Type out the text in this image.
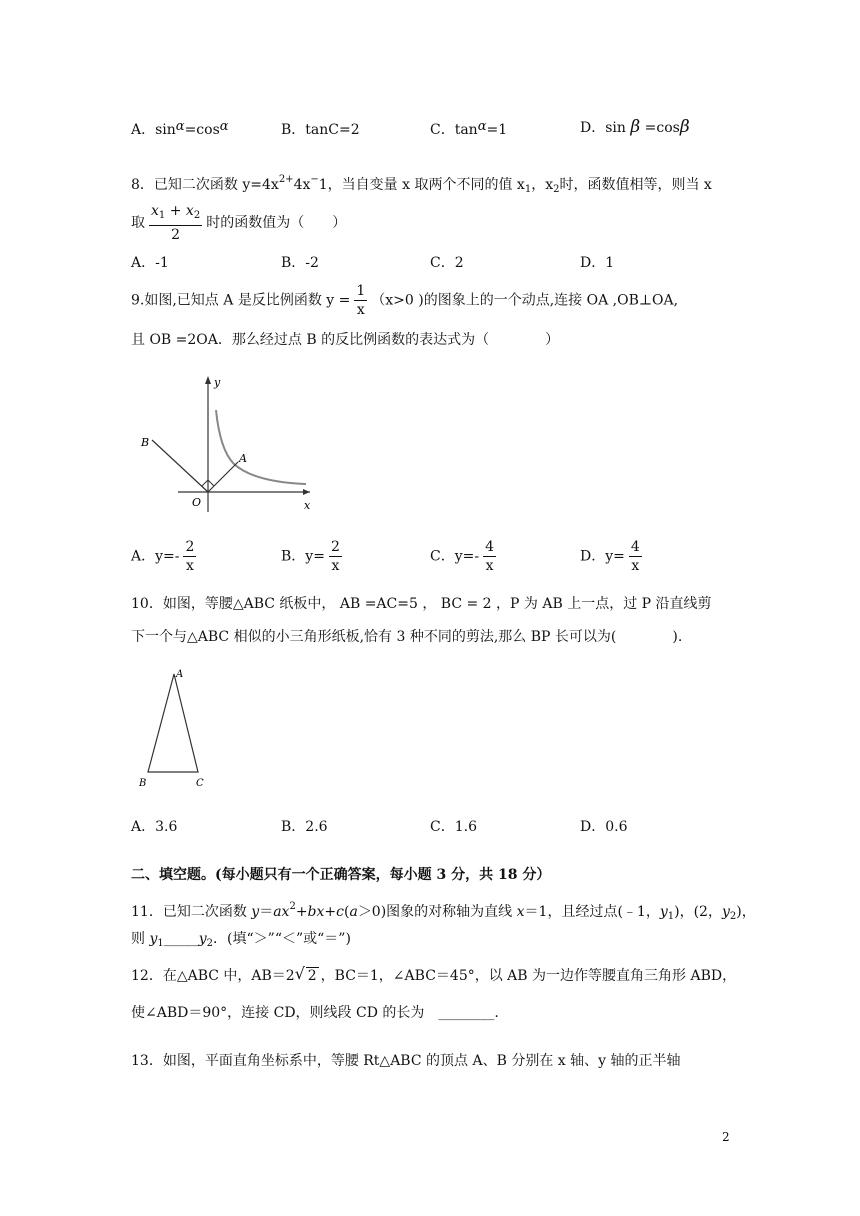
A．sinα=cosα	B．tanC=2	C．tanα=1	D．sin β =cosβ
8．已知二次函数 $y=4x^{2+}4x^-1$，当自变量 x 取两个不同的值 $x_1$，$x_2$时，函数值相等，则当 x
取 $\frac{x_1 + x_2}{2}$ 时的函数值为（　　）
A．-1	B．-2	C．2	D．1
9.如图,已知点 A 是反比例函数 $y = \frac{1}{x} (x>0$ )的图象上的一个动点,连接 OA ,OB⊥OA,
且 OB =2OA．那么经过点 B 的反比例函数的表达式为（　　　　）
y
x
O
A
B
A．$y=- \frac{2}{x}$	B．$y= \frac{2}{x}$	C．$y=- \frac{4}{x}$	D．$y= \frac{4}{x}$
10．如图，等腰△ABC 纸板中， AB =AC=5 ， BC = 2 ，P 为 AB 上一点，过 P 沿直线剪
下一个与△ABC 相似的小三角形纸板,恰有 3 种不同的剪法,那么 BP 长可以为(　　　　).
A
B	C
A．3.6	B．2.6	C．1.6	D．0.6
二、填空题。(每小题只有一个正确答案，每小题 3 分，共 18 分）
11．已知二次函数 $y=ax^2+bx+c(a>0)$图象的对称轴为直线 x＝1，且经过点(﹣1，$y_1$)，(2，$y_2$)，
则 $y_1\_\_\_\_\_y_2$．(填“＞”“＜”或“＝”)
12．在△ABC 中，AB＝2 √ 2 ，BC＝1，∠ABC＝45°，以 AB 为一边作等腰直角三角形 ABD，
使∠ABD＝90°，连接 CD，则线段 CD 的长为　________.
13．如图，平面直角坐标系中，等腰 Rt△ABC 的顶点 A、B 分别在 x 轴、y 轴的正半轴
2
